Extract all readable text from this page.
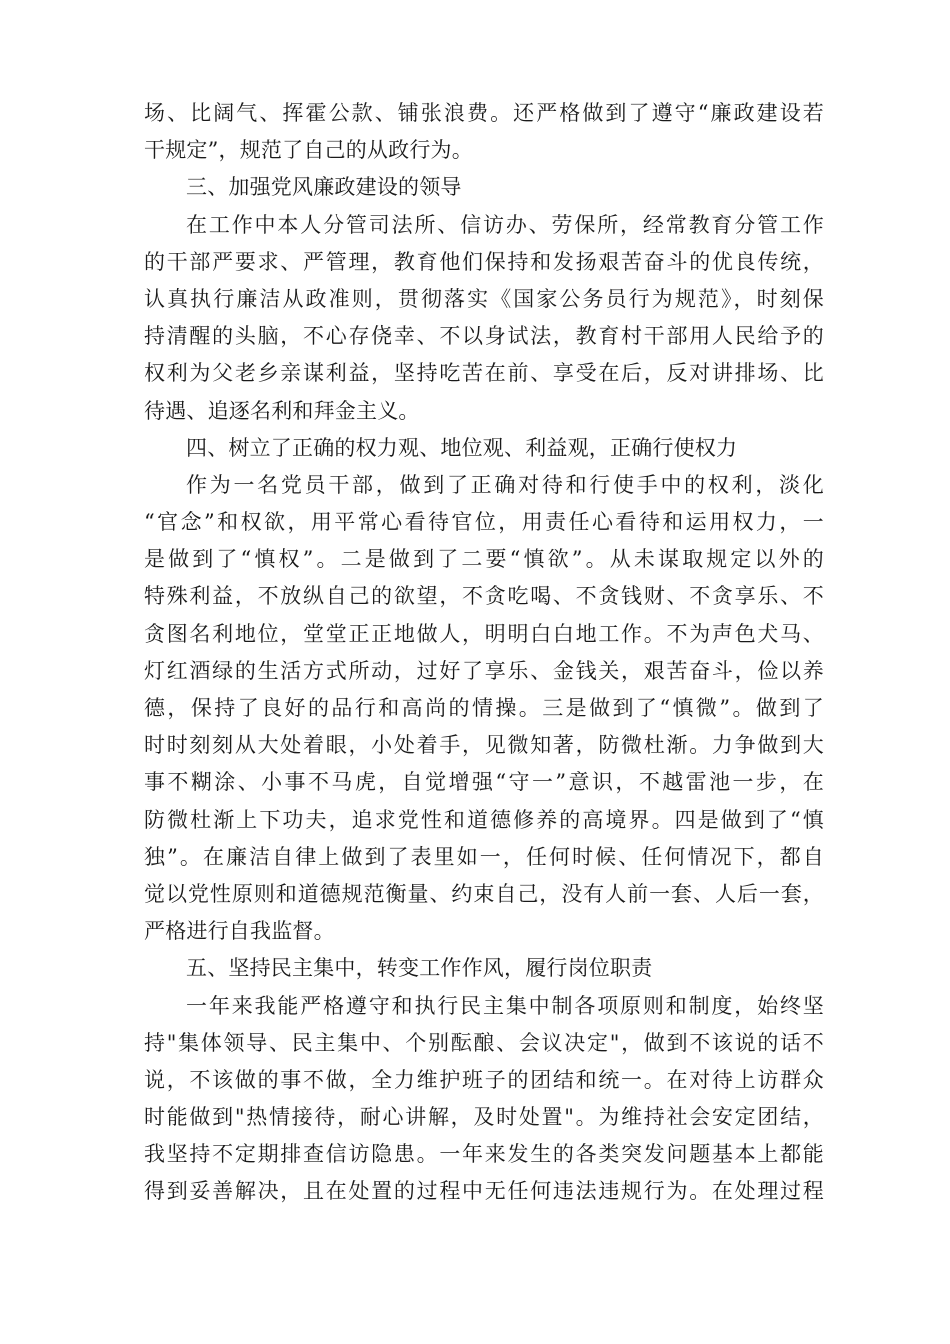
场、比阔气、挥霍公款、铺张浪费。还严格做到了遵守“廉政建设若
干规定”，规范了自己的从政行为。
三、加强党风廉政建设的领导
在工作中本人分管司法所、信访办、劳保所，经常教育分管工作
的干部严要求、严管理，教育他们保持和发扬艰苦奋斗的优良传统，
认真执行廉洁从政准则，贯彻落实《国家公务员行为规范》，时刻保
持清醒的头脑，不心存侥幸、不以身试法，教育村干部用人民给予的
权利为父老乡亲谋利益，坚持吃苦在前、享受在后，反对讲排场、比
待遇、追逐名利和拜金主义。
四、树立了正确的权力观、地位观、利益观，正确行使权力
作为一名党员干部，做到了正确对待和行使手中的权利，淡化
“官念”和权欲，用平常心看待官位，用责任心看待和运用权力，一
是做到了“慎权”。二是做到了二要“慎欲”。从未谋取规定以外的
特殊利益，不放纵自己的欲望，不贪吃喝、不贪钱财、不贪享乐、不
贪图名利地位，堂堂正正地做人，明明白白地工作。不为声色犬马、
灯红酒绿的生活方式所动，过好了享乐、金钱关，艰苦奋斗，俭以养
德，保持了良好的品行和高尚的情操。三是做到了“慎微”。做到了
时时刻刻从大处着眼，小处着手，见微知著，防微杜渐。力争做到大
事不糊涂、小事不马虎，自觉增强“守一”意识，不越雷池一步，在
防微杜渐上下功夫，追求党性和道德修养的高境界。四是做到了“慎
独”。在廉洁自律上做到了表里如一，任何时候、任何情况下，都自
觉以党性原则和道德规范衡量、约束自己，没有人前一套、人后一套，
严格进行自我监督。
五、坚持民主集中，转变工作作风，履行岗位职责
一年来我能严格遵守和执行民主集中制各项原则和制度，始终坚
持"集体领导、民主集中、个别酝酿、会议决定"，做到不该说的话不
说，不该做的事不做，全力维护班子的团结和统一。在对待上访群众
时能做到"热情接待，耐心讲解，及时处置"。为维持社会安定团结，
我坚持不定期排查信访隐患。一年来发生的各类突发问题基本上都能
得到妥善解决，且在处置的过程中无任何违法违规行为。在处理过程
